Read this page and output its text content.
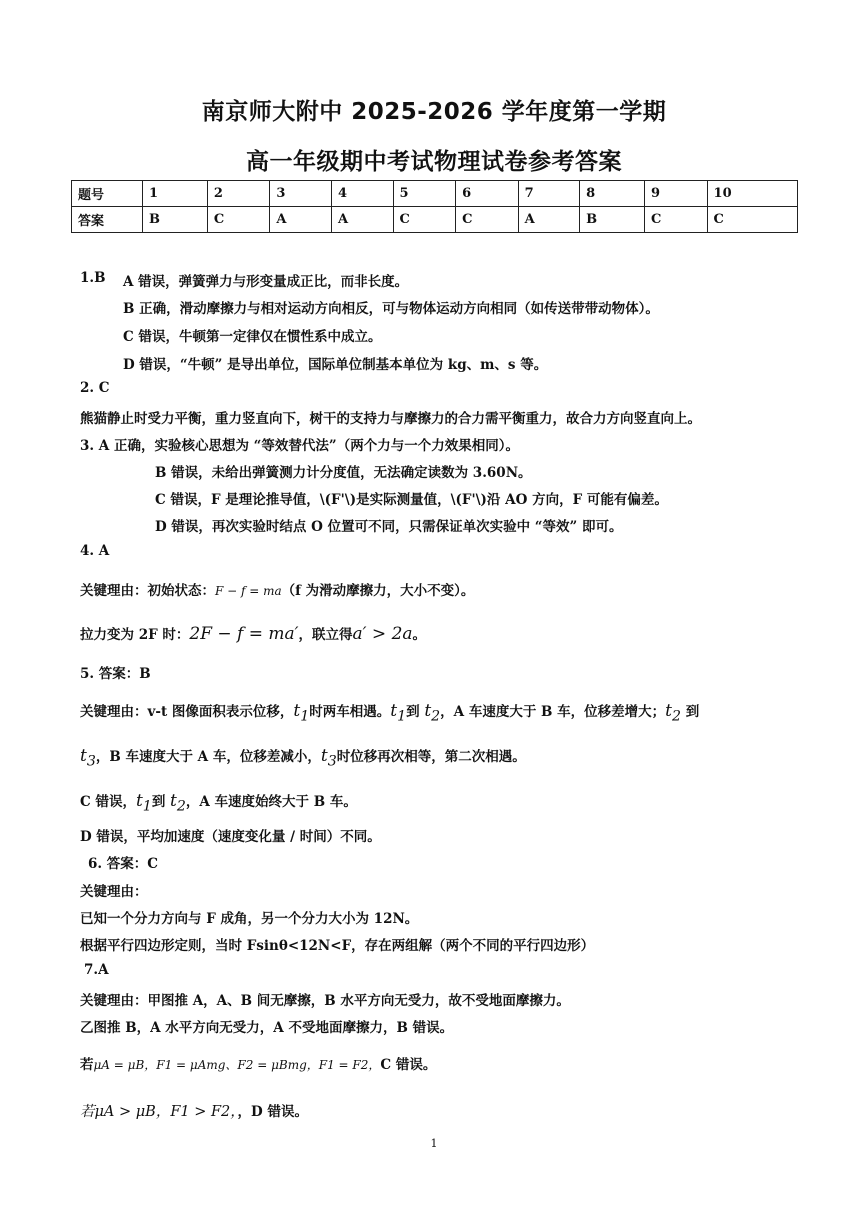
南京师大附中 2025-2026 学年度第一学期
高一年级期中考试物理试卷参考答案
题号	1	2	3	4	5	6	7	8	9	10
答案	B	C	A	A	C	C	A	B	C	C
1.B A 错误，弹簧弹力与形变量成正比，而非长度。
B 正确，滑动摩擦力与相对运动方向相反，可与物体运动方向相同（如传送带带动物体）。
C 错误，牛顿第一定律仅在惯性系中成立。
D 错误，“牛顿” 是导出单位，国际单位制基本单位为 kg、m、s 等。
2. C
熊猫静止时受力平衡，重力竖直向下，树干的支持力与摩擦力的合力需平衡重力，故合力方向竖直向上。
3. A 正确，实验核心思想为 “等效替代法”（两个力与一个力效果相同）。
B 错误，未给出弹簧测力计分度值，无法确定读数为 3.60N。
C 错误，F 是理论推导值，\(F'\)是实际测量值，\(F'\)沿 AO 方向，F 可能有偏差。
D 错误，再次实验时结点 O 位置可不同，只需保证单次实验中 “等效” 即可。
4. A
关键理由：初始状态：F − f = ma（f 为滑动摩擦力，大小不变）。
拉力变为 2F 时：2F − f = ma′，联立得a′ > 2a。
5. 答案：B
关键理由：v-t 图像面积表示位移，$t_1$时两车相遇。$t_1$到 $t_2$，A 车速度大于 B 车，位移差增大；$t_2$ 到
$t_3$，B 车速度大于 A 车，位移差减小，$t_3$时位移再次相等，第二次相遇。
C 错误，$t_1$到 $t_2$，A 车速度始终大于 B 车。
D 错误，平均加速度（速度变化量 / 时间）不同。
6. 答案：C
关键理由：
已知一个分力方向与 F 成角，另一个分力大小为 12N。
根据平行四边形定则，当时 Fsinθ<12N<F，存在两组解（两个不同的平行四边形）
7.A
关键理由：甲图推 A，A、B 间无摩擦，B 水平方向无受力，故不受地面摩擦力。
乙图推 B，A 水平方向无受力，A 不受地面摩擦力，B 错误。
若μA = μB，F1 = μAmg、F2 = μBmg，F1 = F2，C 错误。
若μA > μB，F1 > F2，，D 错误。
1
